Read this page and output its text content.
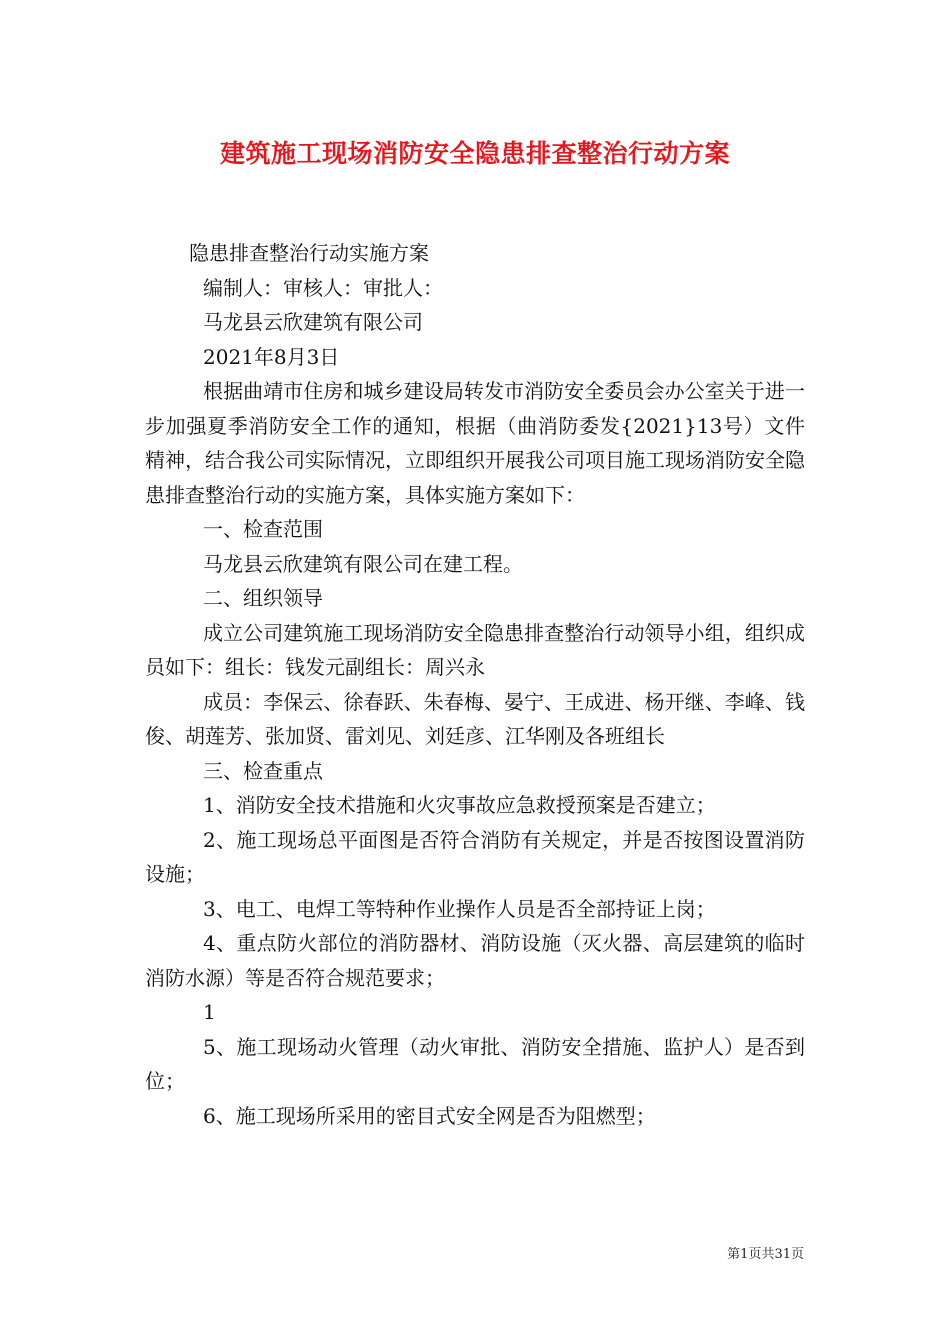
建筑施工现场消防安全隐患排查整治行动方案

隐患排查整治行动实施方案

编制人：审核人：审批人：

马龙县云欣建筑有限公司

2021年8月3日

根据曲靖市住房和城乡建设局转发市消防安全委员会办公室关于进一步加强夏季消防安全工作的通知，根据（曲消防委发{2021}13号）文件精神，结合我公司实际情况，立即组织开展我公司项目施工现场消防安全隐患排查整治行动的实施方案，具体实施方案如下：

一、检查范围

马龙县云欣建筑有限公司在建工程。

二、组织领导

成立公司建筑施工现场消防安全隐患排查整治行动领导小组，组织成员如下：组长：钱发元副组长：周兴永

成员：李保云、徐春跃、朱春梅、晏宁、王成进、杨开继、李峰、钱俊、胡莲芳、张加贤、雷刘见、刘廷彦、江华刚及各班组长

三、检查重点

1、消防安全技术措施和火灾事故应急救授预案是否建立；

2、施工现场总平面图是否符合消防有关规定，并是否按图设置消防设施；

3、电工、电焊工等特种作业操作人员是否全部持证上岗；

4、重点防火部位的消防器材、消防设施（灭火器、高层建筑的临时消防水源）等是否符合规范要求；

1

5、施工现场动火管理（动火审批、消防安全措施、监护人）是否到位；

6、施工现场所采用的密目式安全网是否为阻燃型；

第1页共31页
